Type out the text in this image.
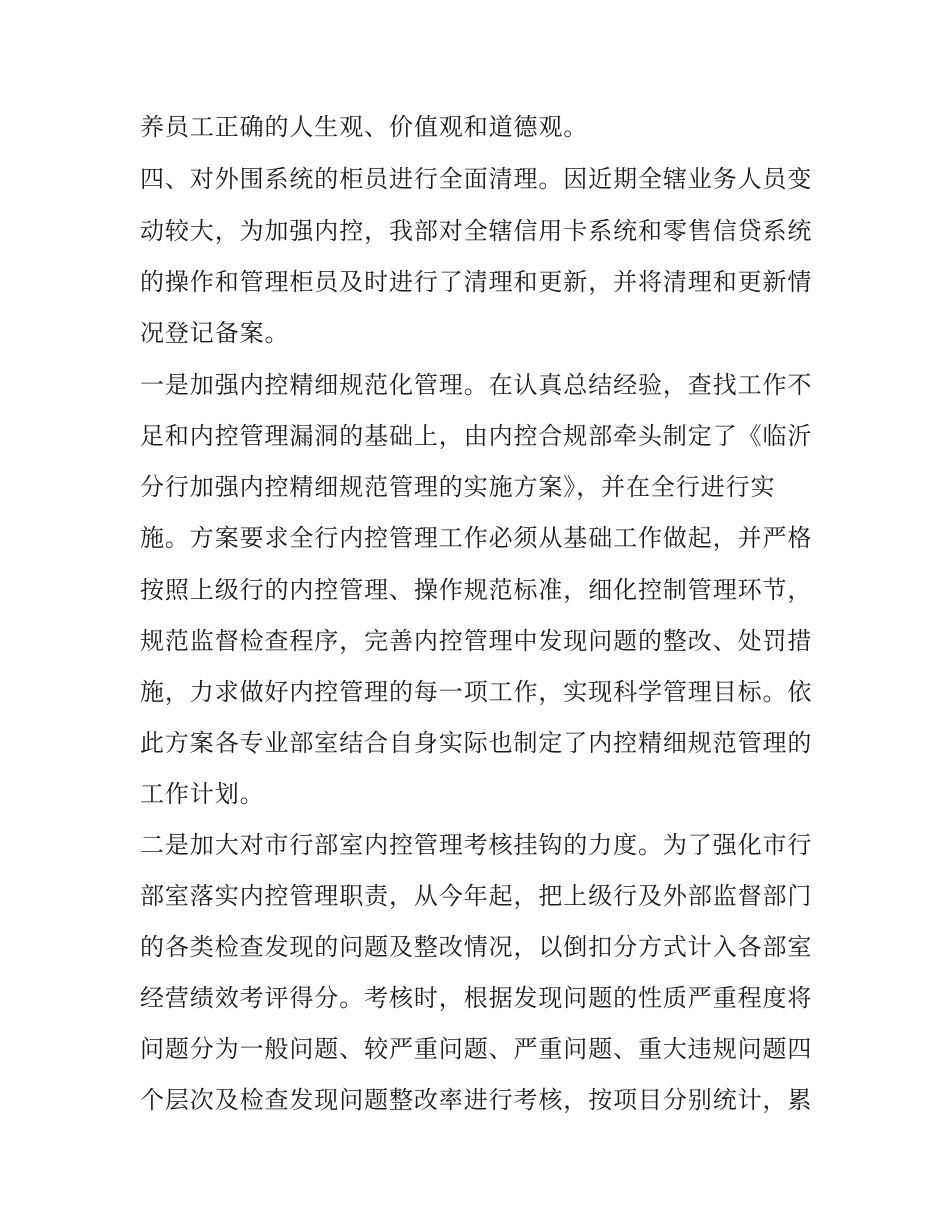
养员工正确的人生观、价值观和道德观。
四、对外围系统的柜员进行全面清理。因近期全辖业务人员变
动较大，为加强内控，我部对全辖信用卡系统和零售信贷系统
的操作和管理柜员及时进行了清理和更新，并将清理和更新情
况登记备案。
一是加强内控精细规范化管理。在认真总结经验，查找工作不
足和内控管理漏洞的基础上，由内控合规部牵头制定了《临沂
分行加强内控精细规范管理的实施方案》，并在全行进行实
施。方案要求全行内控管理工作必须从基础工作做起，并严格
按照上级行的内控管理、操作规范标准，细化控制管理环节，
规范监督检查程序，完善内控管理中发现问题的整改、处罚措
施，力求做好内控管理的每一项工作，实现科学管理目标。依
此方案各专业部室结合自身实际也制定了内控精细规范管理的
工作计划。
二是加大对市行部室内控管理考核挂钩的力度。为了强化市行
部室落实内控管理职责，从今年起，把上级行及外部监督部门
的各类检查发现的问题及整改情况，以倒扣分方式计入各部室
经营绩效考评得分。考核时，根据发现问题的性质严重程度将
问题分为一般问题、较严重问题、严重问题、重大违规问题四
个层次及检查发现问题整改率进行考核，按项目分别统计，累
